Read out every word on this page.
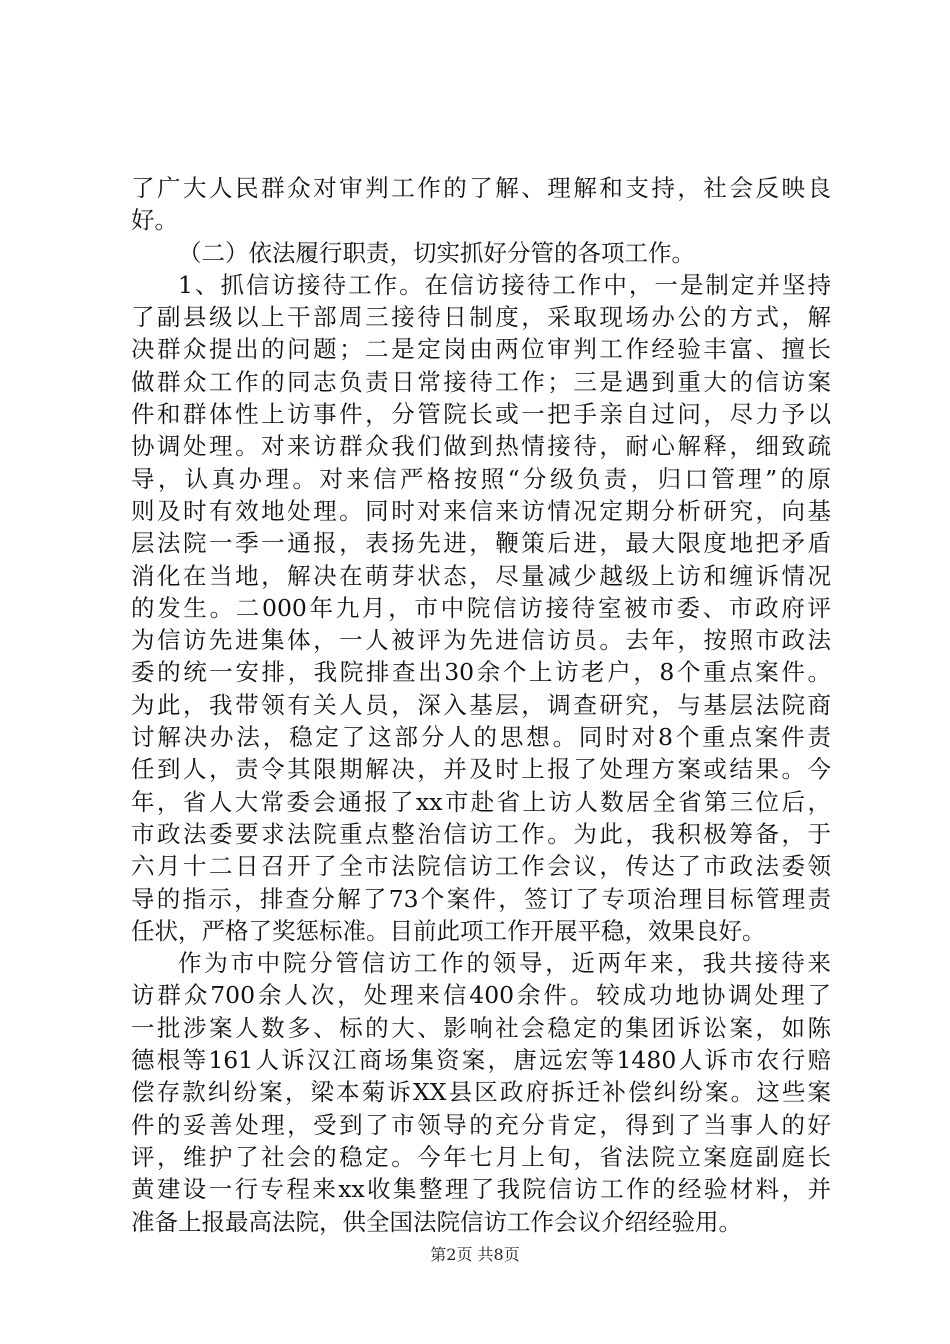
了广大人民群众对审判工作的了解、理解和支持，社会反映良
好。
（二）依法履行职责，切实抓好分管的各项工作。
1、抓信访接待工作。在信访接待工作中，一是制定并坚持
了副县级以上干部周三接待日制度，采取现场办公的方式，解
决群众提出的问题；二是定岗由两位审判工作经验丰富、擅长
做群众工作的同志负责日常接待工作；三是遇到重大的信访案
件和群体性上访事件，分管院长或一把手亲自过问，尽力予以
协调处理。对来访群众我们做到热情接待，耐心解释，细致疏
导，认真办理。对来信严格按照“分级负责，归口管理”的原
则及时有效地处理。同时对来信来访情况定期分析研究，向基
层法院一季一通报，表扬先进，鞭策后进，最大限度地把矛盾
消化在当地，解决在萌芽状态，尽量减少越级上访和缠诉情况
的发生。二000年九月，市中院信访接待室被市委、市政府评
为信访先进集体，一人被评为先进信访员。去年，按照市政法
委的统一安排，我院排查出30余个上访老户，8个重点案件。
为此，我带领有关人员，深入基层，调查研究，与基层法院商
讨解决办法，稳定了这部分人的思想。同时对8个重点案件责
任到人，责令其限期解决，并及时上报了处理方案或结果。今
年，省人大常委会通报了xx市赴省上访人数居全省第三位后，
市政法委要求法院重点整治信访工作。为此，我积极筹备，于
六月十二日召开了全市法院信访工作会议，传达了市政法委领
导的指示，排查分解了73个案件，签订了专项治理目标管理责
任状，严格了奖惩标准。目前此项工作开展平稳，效果良好。
作为市中院分管信访工作的领导，近两年来，我共接待来
访群众700余人次，处理来信400余件。较成功地协调处理了
一批涉案人数多、标的大、影响社会稳定的集团诉讼案，如陈
德根等161人诉汉江商场集资案，唐远宏等1480人诉市农行赔
偿存款纠纷案，梁本菊诉XX县区政府拆迁补偿纠纷案。这些案
件的妥善处理，受到了市领导的充分肯定，得到了当事人的好
评，维护了社会的稳定。今年七月上旬，省法院立案庭副庭长
黄建设一行专程来xx收集整理了我院信访工作的经验材料，并
准备上报最高法院，供全国法院信访工作会议介绍经验用。
第2页 共8页
